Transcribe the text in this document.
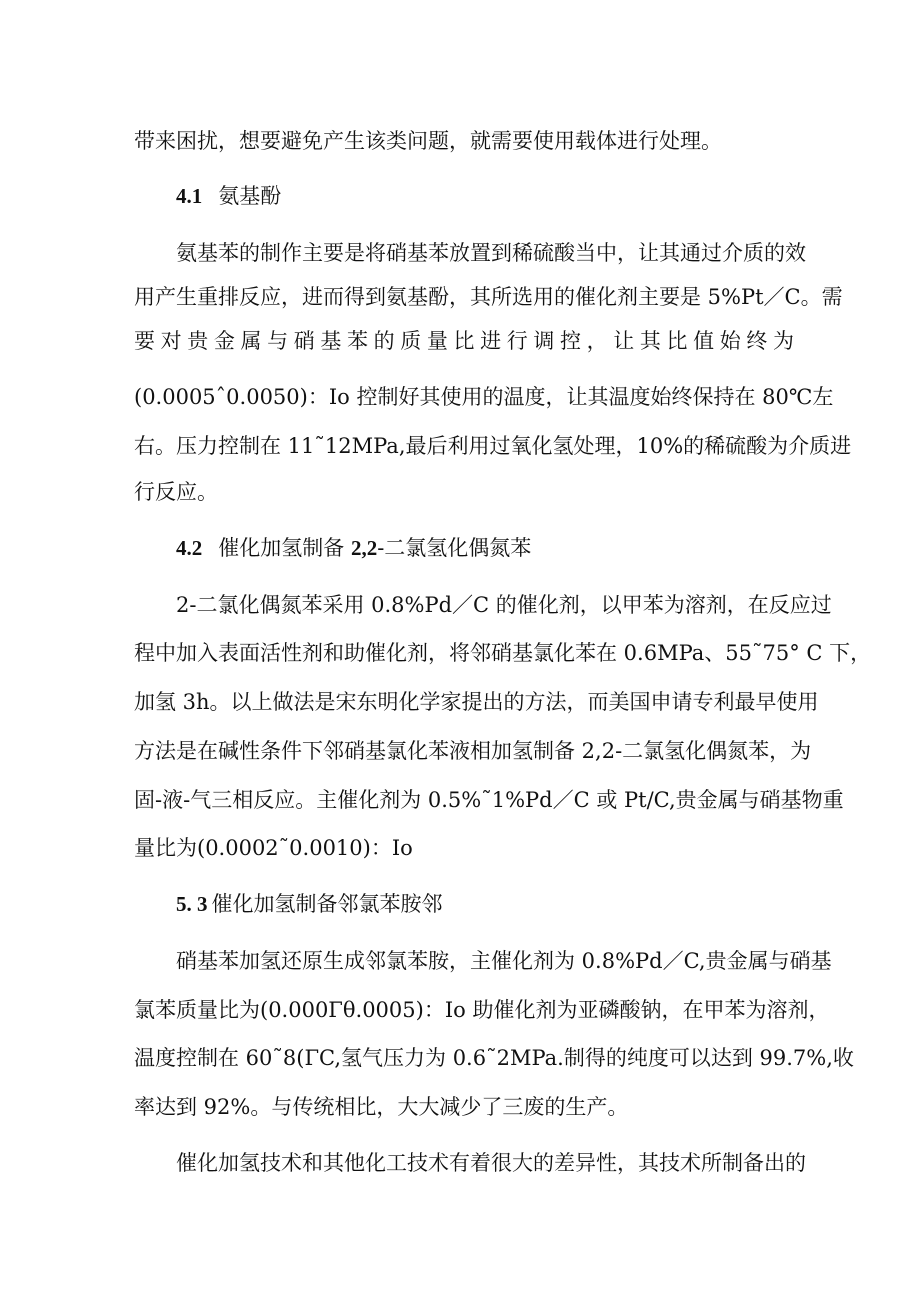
带来困扰，想要避免产生该类问题，就需要使用载体进行处理。
4.1 氨基酚
氨基苯的制作主要是将硝基苯放置到稀硫酸当中，让其通过介质的效
用产生重排反应，进而得到氨基酚，其所选用的催化剂主要是 5%Pt／C。需
要对贵金属与硝基苯的质量比进行调控，让其比值始终为
(0.0005ˆ0.0050)：Io 控制好其使用的温度，让其温度始终保持在 80℃左
右。压力控制在 11˜12MPa,最后利用过氧化氢处理，10%的稀硫酸为介质进
行反应。
4.2 催化加氢制备 2,2-二氯氢化偶氮苯
2-二氯化偶氮苯采用 0.8%Pd／C 的催化剂，以甲苯为溶剂，在反应过
程中加入表面活性剂和助催化剂，将邻硝基氯化苯在 0.6MPa、55˜75° C 下，
加氢 3h。以上做法是宋东明化学家提出的方法，而美国申请专利最早使用
方法是在碱性条件下邻硝基氯化苯液相加氢制备 2,2-二氯氢化偶氮苯，为
固-液-气三相反应。主催化剂为 0.5%˜1%Pd／C 或 Pt/C,贵金属与硝基物重
量比为(0.0002˜0.0010)：Io
5. 3 催化加氢制备邻氯苯胺邻
硝基苯加氢还原生成邻氯苯胺，主催化剂为 0.8%Pd／C,贵金属与硝基
氯苯质量比为(0.000Γθ.0005)：Io 助催化剂为亚磷酸钠，在甲苯为溶剂，
温度控制在 60˜8(ΓC,氢气压力为 0.6˜2MPa.制得的纯度可以达到 99.7%,收
率达到 92%。与传统相比，大大减少了三废的生产。
催化加氢技术和其他化工技术有着很大的差异性，其技术所制备出的
